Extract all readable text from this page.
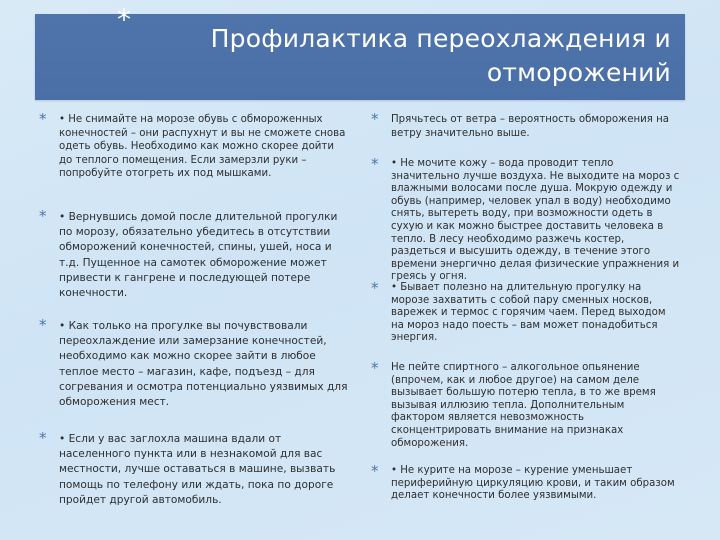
*
Профилактика переохлаждения и отморожений
* • Не снимайте на морозе обувь с обмороженных конечностей – они распухнут и вы не сможете снова одеть обувь. Необходимо как можно скорее дойти до теплого помещения. Если замерзли руки – попробуйте отогреть их под мышками.
* • Вернувшись домой после длительной прогулки по морозу, обязательно убедитесь в отсутствии обморожений конечностей, спины, ушей, носа и т.д. Пущенное на самотек обморожение может привести к гангрене и последующей потере конечности.
* • Как только на прогулке вы почувствовали переохлаждение или замерзание конечностей, необходимо как можно скорее зайти в любое теплое место – магазин, кафе, подъезд – для согревания и осмотра потенциально уязвимых для обморожения мест.
* • Если у вас заглохла машина вдали от населенного пункта или в незнакомой для вас местности, лучше оставаться в машине, вызвать помощь по телефону или ждать, пока по дороге пройдет другой автомобиль.
* Прячьтесь от ветра – вероятность обморожения на ветру значительно выше.
* • Не мочите кожу – вода проводит тепло значительно лучше воздуха. Не выходите на мороз с влажными волосами после душа. Мокрую одежду и обувь (например, человек упал в воду) необходимо снять, вытереть воду, при возможности одеть в сухую и как можно быстрее доставить человека в тепло. В лесу необходимо разжечь костер, раздеться и высушить одежду, в течение этого времени энергично делая физические упражнения и греясь у огня.
* • Бывает полезно на длительную прогулку на морозе захватить с собой пару сменных носков, варежек и термос с горячим чаем. Перед выходом на мороз надо поесть – вам может понадобиться энергия.
* Не пейте спиртного – алкогольное опьянение (впрочем, как и любое другое) на самом деле вызывает большую потерю тепла, в то же время вызывая иллюзию тепла. Дополнительным фактором является невозможность сконцентрировать внимание на признаках обморожения.
* • Не курите на морозе – курение уменьшает периферийную циркуляцию крови, и таким образом делает конечности более уязвимыми.
